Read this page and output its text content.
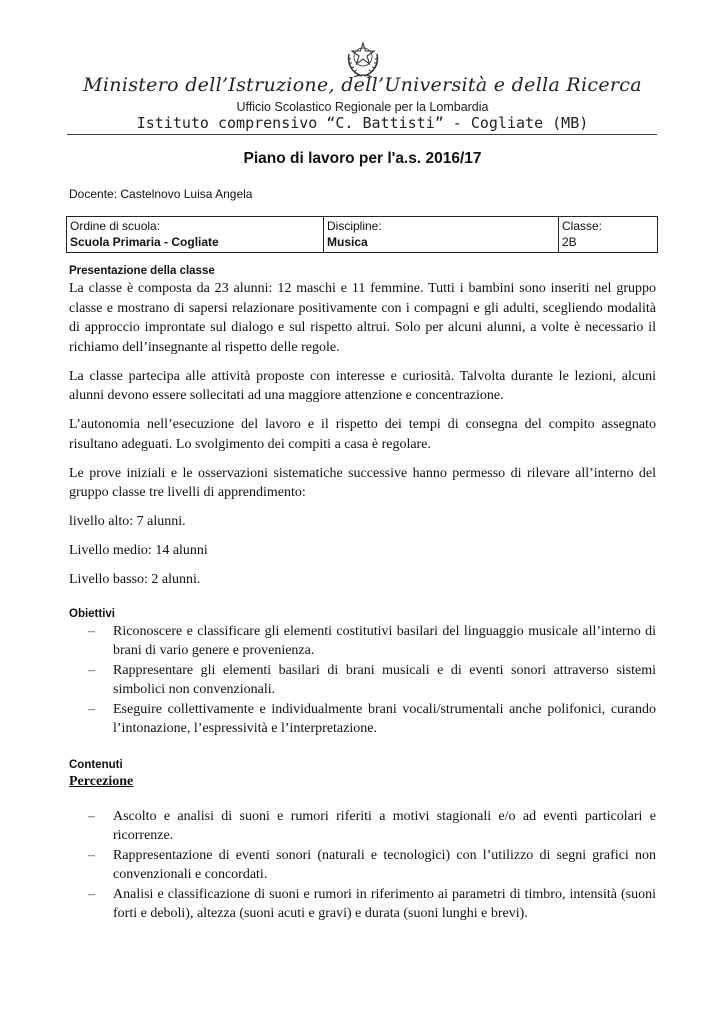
Ministero dell’Istruzione, dell’Università e della Ricerca
Ufficio Scolastico Regionale per la Lombardia
Istituto comprensivo “C. Battisti” - Cogliate (MB)
Piano di lavoro per l'a.s. 2016/17
Docente: Castelnovo Luisa Angela
Ordine di scuola:
Scuola Primaria - Cogliate
	Discipline:
Musica
	Classe:
2B
Presentazione della classe

La classe è composta da 23 alunni: 12 maschi e 11 femmine. Tutti i bambini sono inseriti nel gruppo classe e mostrano di sapersi relazionare positivamente con i compagni e gli adulti, scegliendo modalità di approccio improntate sul dialogo e sul rispetto altrui. Solo per alcuni alunni, a volte è necessario il richiamo dell’insegnante al rispetto delle regole.

La classe partecipa alle attività proposte con interesse e curiosità. Talvolta durante le lezioni, alcuni alunni devono essere sollecitati ad una maggiore attenzione e concentrazione.

L’autonomia nell’esecuzione del lavoro e il rispetto dei tempi di consegna del compito assegnato risultano adeguati. Lo svolgimento dei compiti a casa è regolare.

Le prove iniziali e le osservazioni sistematiche successive hanno permesso di rilevare all’interno del gruppo classe tre livelli di apprendimento:

livello alto: 7 alunni.

Livello medio: 14 alunni

Livello basso: 2 alunni.

Obiettivi
– Riconoscere e classificare gli elementi costitutivi basilari del linguaggio musicale all’interno di brani di vario genere e provenienza.
– Rappresentare gli elementi basilari di brani musicali e di eventi sonori attraverso sistemi simbolici non convenzionali.
– Eseguire collettivamente e individualmente brani vocali/strumentali anche polifonici, curando l’intonazione, l’espressività e l’interpretazione.
Contenuti
Percezione
– Ascolto e analisi di suoni e rumori riferiti a motivi stagionali e/o ad eventi particolari e ricorrenze.
– Rappresentazione di eventi sonori (naturali e tecnologici) con l’utilizzo di segni grafici non convenzionali e concordati.
– Analisi e classificazione di suoni e rumori in riferimento ai parametri di timbro, intensità (suoni forti e deboli), altezza (suoni acuti e gravi) e durata (suoni lunghi e brevi).
